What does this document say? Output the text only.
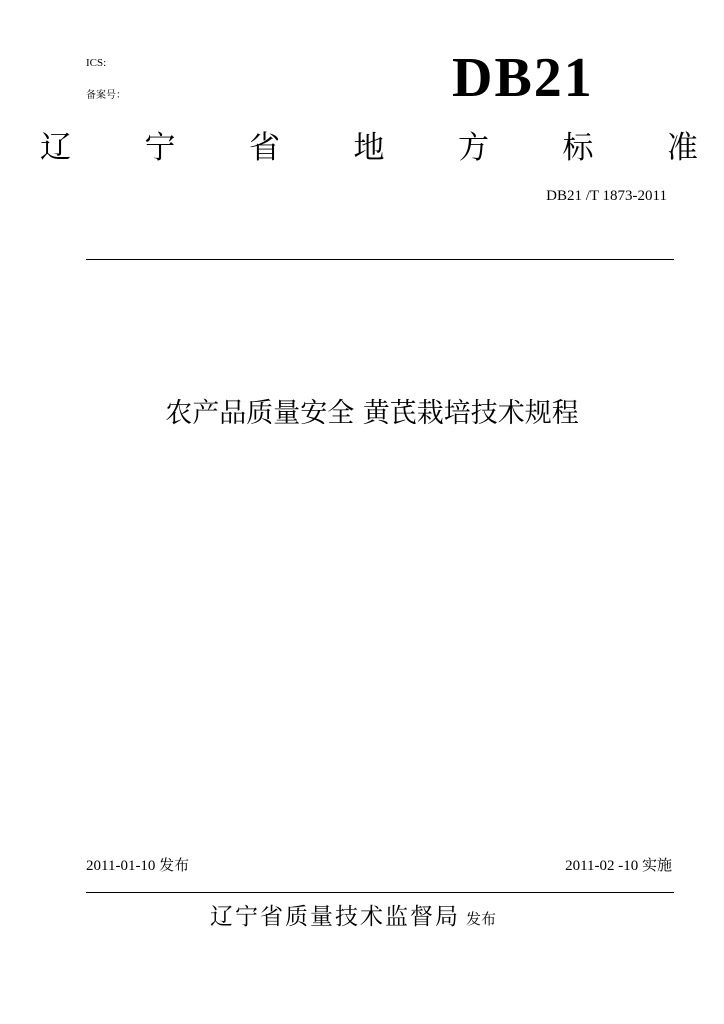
ICS:
备案号：	DB21
辽 宁 省 地 方 标 准
DB21 /T 1873-2011
农产品质量安全 黄芪栽培技术规程
2011-01-10 发布	2011-02 -10 实施
辽宁省质量技术监督局 发布
